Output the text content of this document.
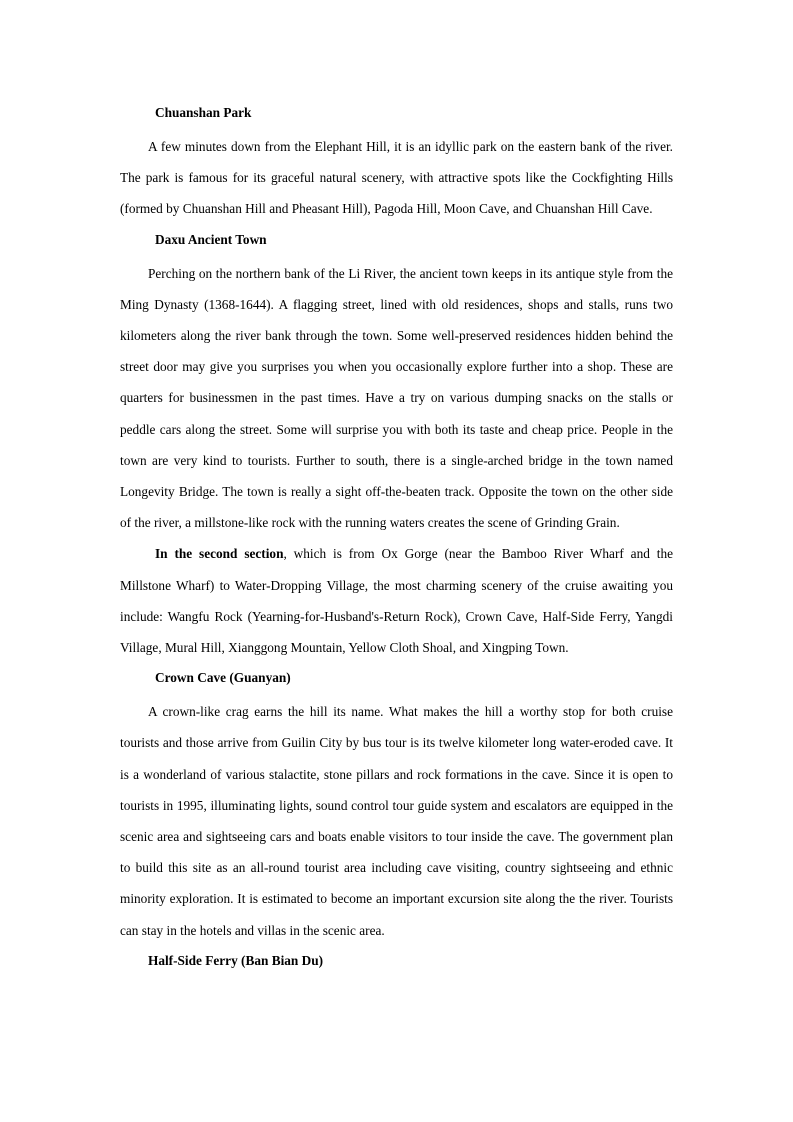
Chuanshan Park

A few minutes down from the Elephant Hill, it is an idyllic park on the eastern bank of the river. The park is famous for its graceful natural scenery, with attractive spots like the Cockfighting Hills (formed by Chuanshan Hill and Pheasant Hill), Pagoda Hill, Moon Cave, and Chuanshan Hill Cave.

Daxu Ancient Town

Perching on the northern bank of the Li River, the ancient town keeps in its antique style from the Ming Dynasty (1368-1644). A flagging street, lined with old residences, shops and stalls, runs two kilometers along the river bank through the town. Some well-preserved residences hidden behind the street door may give you surprises you when you occasionally explore further into a shop. These are quarters for businessmen in the past times. Have a try on various dumping snacks on the stalls or peddle cars along the street. Some will surprise you with both its taste and cheap price. People in the town are very kind to tourists. Further to south, there is a single-arched bridge in the town named Longevity Bridge. The town is really a sight off-the-beaten track. Opposite the town on the other side of the river, a millstone-like rock with the running waters creates the scene of Grinding Grain.

In the second section, which is from Ox Gorge (near the Bamboo River Wharf and the Millstone Wharf) to Water-Dropping Village, the most charming scenery of the cruise awaiting you include: Wangfu Rock (Yearning-for-Husband's-Return Rock), Crown Cave, Half-Side Ferry, Yangdi Village, Mural Hill, Xianggong Mountain, Yellow Cloth Shoal, and Xingping Town.

Crown Cave (Guanyan)

A crown-like crag earns the hill its name. What makes the hill a worthy stop for both cruise tourists and those arrive from Guilin City by bus tour is its twelve kilometer long water-eroded cave. It is a wonderland of various stalactite, stone pillars and rock formations in the cave. Since it is open to tourists in 1995, illuminating lights, sound control tour guide system and escalators are equipped in the scenic area and sightseeing cars and boats enable visitors to tour inside the cave. The government plan to build this site as an all-round tourist area including cave visiting, country sightseeing and ethnic minority exploration. It is estimated to become an important excursion site along the the river. Tourists can stay in the hotels and villas in the scenic area.

Half-Side Ferry (Ban Bian Du)
